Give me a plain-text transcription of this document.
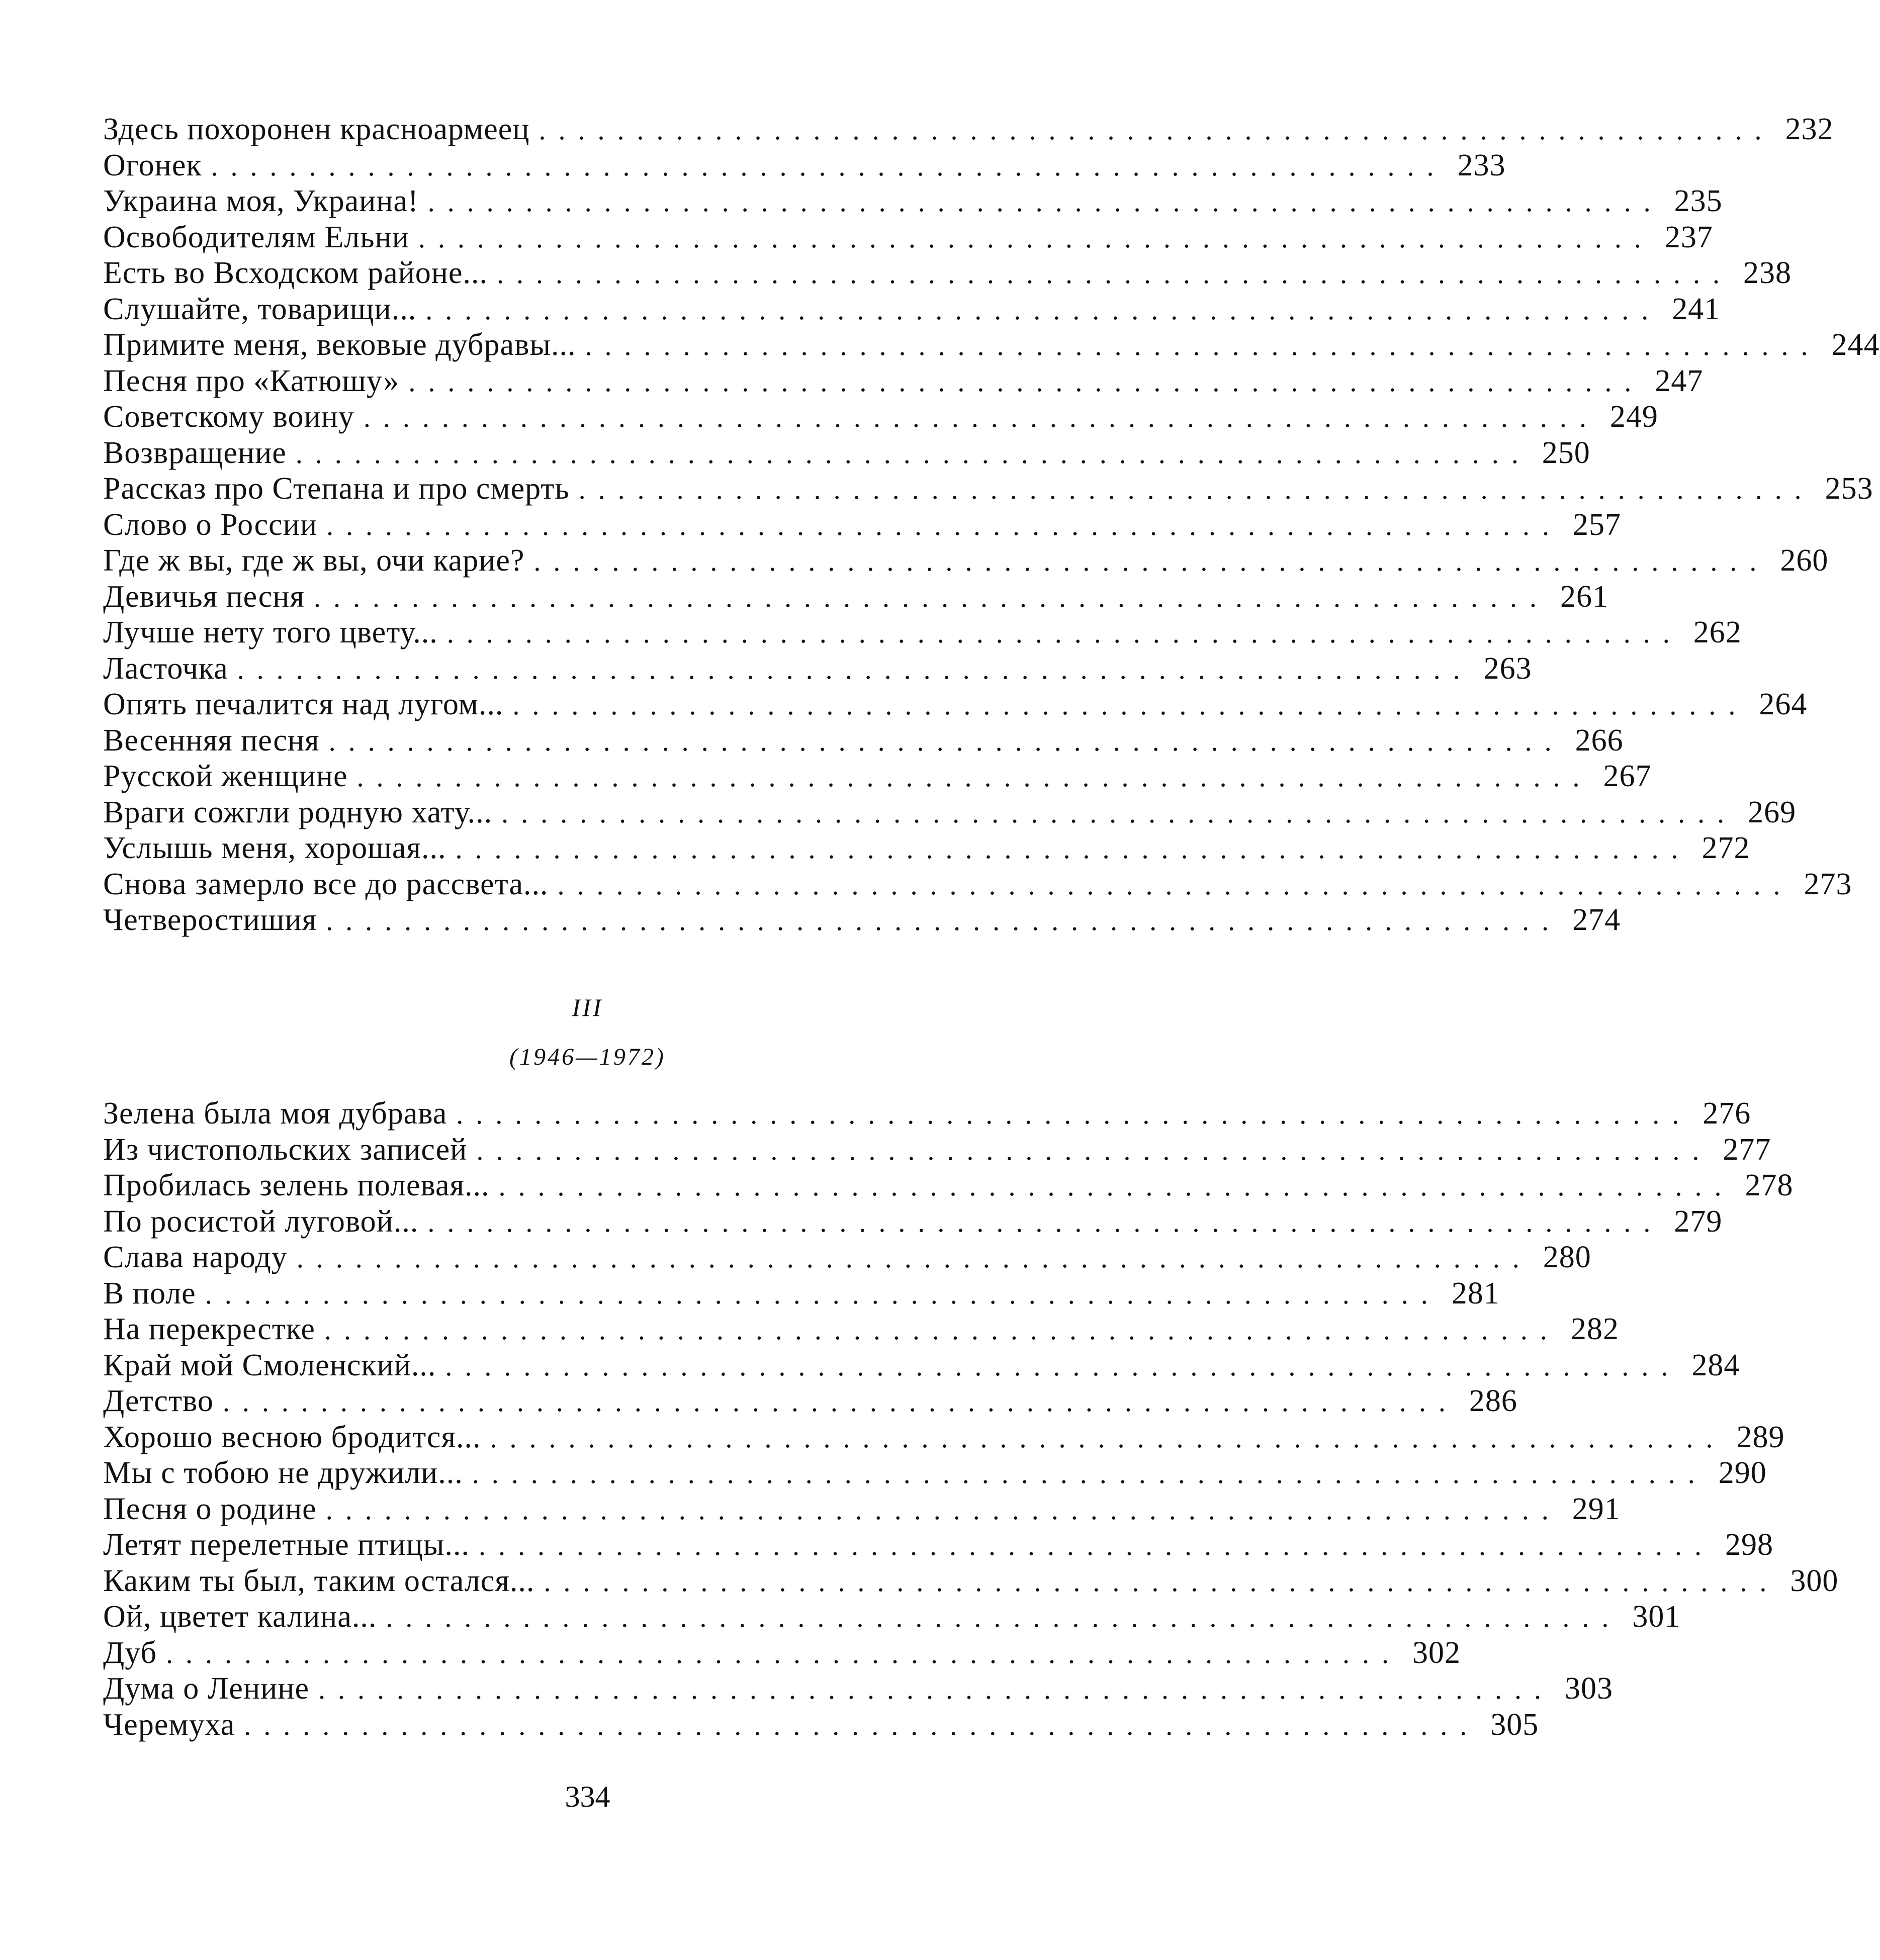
Здесь похоронен красноармеец ............................................................... 232
Огонек ............................................................... 233
Украина моя, Украина! ............................................................... 235
Освободителям Ельни ............................................................... 237
Есть во Всходском районе... ............................................................... 238
Слушайте, товарищи... ............................................................... 241
Примите меня, вековые дубравы... ............................................................... 244
Песня про «Катюшу» ............................................................... 247
Советскому воину ............................................................... 249
Возвращение ............................................................... 250
Рассказ про Степана и про смерть ............................................................... 253
Слово о России ............................................................... 257
Где ж вы, где ж вы, очи карие? ............................................................... 260
Девичья песня ............................................................... 261
Лучше нету того цвету... ............................................................... 262
Ласточка ............................................................... 263
Опять печалится над лугом... ............................................................... 264
Весенняя песня ............................................................... 266
Русской женщине ............................................................... 267
Враги сожгли родную хату... ............................................................... 269
Услышь меня, хорошая... ............................................................... 272
Снова замерло все до рассвета... ............................................................... 273
Четверостишия ............................................................... 274
III
(1946—1972)
Зелена была моя дубрава ............................................................... 276
Из чистопольских записей ............................................................... 277
Пробилась зелень полевая... ............................................................... 278
По росистой луговой... ............................................................... 279
Слава народу ............................................................... 280
В поле ............................................................... 281
На перекрестке ............................................................... 282
Край мой Смоленский... ............................................................... 284
Детство ............................................................... 286
Хорошо весною бродится... ............................................................... 289
Мы с тобою не дружили... ............................................................... 290
Песня о родине ............................................................... 291
Летят перелетные птицы... ............................................................... 298
Каким ты был, таким остался... ............................................................... 300
Ой, цветет калина... ............................................................... 301
Дуб ............................................................... 302
Дума о Ленине ............................................................... 303
Черемуха ............................................................... 305
334
